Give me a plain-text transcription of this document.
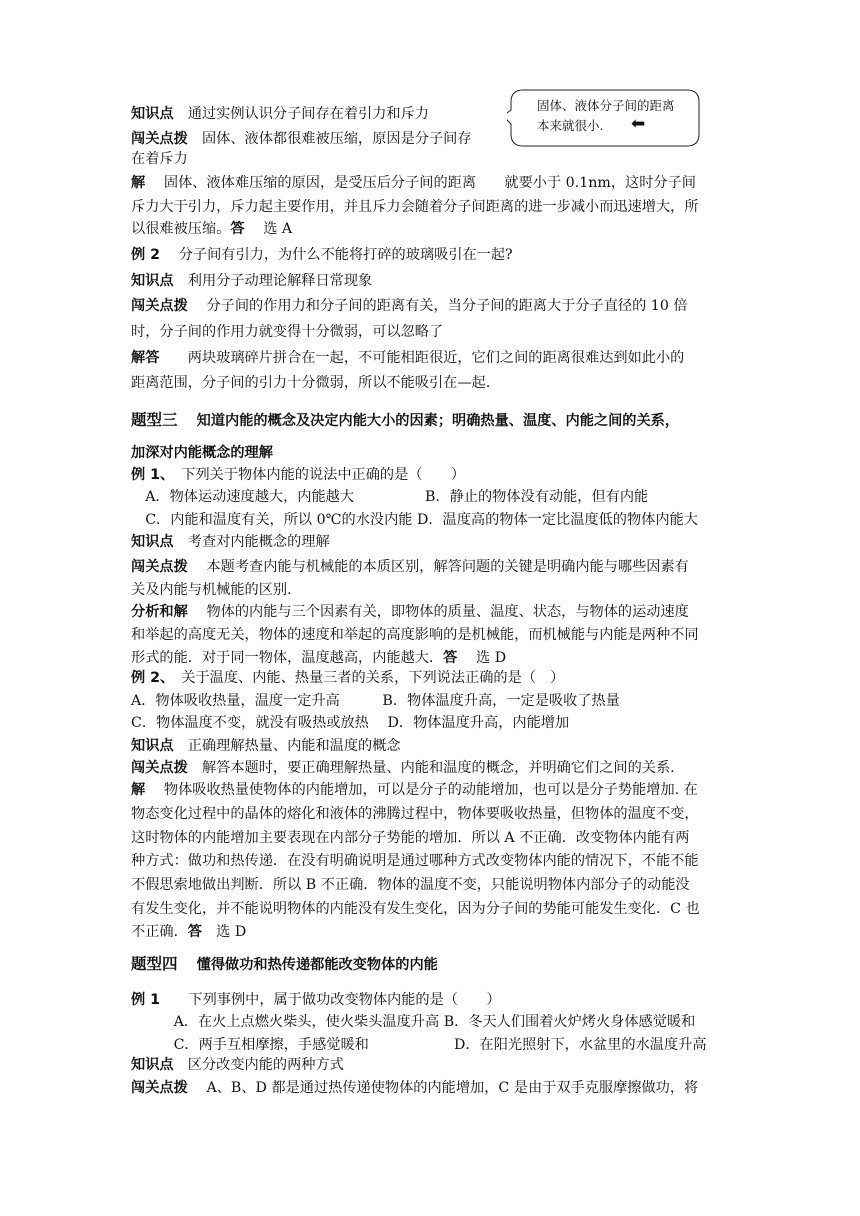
固体、液体分子间的距离
本来就很小. ⬅
知识点　通过实例认识分子间存在着引力和斥力
闯关点拨　固体、液体都很难被压缩，原因是分子间存
在着斥力
解　 固体、液体难压缩的原因，是受压后分子间的距离　　就要小于 0.1nm，这时分子间
斥力大于引力，斥力起主要作用，并且斥力会随着分子间距离的进一步减小而迅速增大，所
以很难被压缩。答　 选 A
例 2　 分子间有引力，为什么不能将打碎的玻璃吸引在一起?
知识点　利用分子动理论解释日常现象
闯关点拨　 分子间的作用力和分子间的距离有关，当分子间的距离大于分子直径的 10 倍
时，分子间的作用力就变得十分微弱，可以忽略了
解答　　两块玻璃碎片拼合在一起，不可能相距很近，它们之间的距离很难达到如此小的
距离范围，分子间的引力十分微弱，所以不能吸引在—起.
题型三　 知道内能的概念及决定内能大小的因素；明确热量、温度、内能之间的关系，
加深对内能概念的理解
例 1、　下列关于物体内能的说法中正确的是（　　）
　A．物体运动速度越大，内能越大　　　　　B．静止的物体没有动能，但有内能
　C．内能和温度有关，所以 0℃的水没内能 D．温度高的物体一定比温度低的物体内能大
知识点　考查对内能概念的理解
闯关点拨　 本题考查内能与机械能的本质区别，解答问题的关键是明确内能与哪些因素有
关及内能与机械能的区别.
分析和解　 物体的内能与三个因素有关，即物体的质量、温度、状态，与物体的运动速度
和举起的高度无关，物体的速度和举起的高度影响的是机械能，而机械能与内能是两种不同
形式的能．对于同一物体，温度越高，内能越大．答　 选 D
例 2、　关于温度、内能、热量三者的关系，下列说法正确的是（　）
A．物体吸收热量，温度一定升高　　　B．物体温度升高，一定是吸收了热量
C．物体温度不变，就没有吸热或放热　 D．物体温度升高，内能增加
知识点　正确理解热量、内能和温度的概念
闯关点拨　解答本题时，要正确理解热量、内能和温度的概念，并明确它们之间的关系.
解　 物体吸收热量使物体的内能增加，可以是分子的动能增加，也可以是分子势能增加. 在
物态变化过程中的晶体的熔化和液体的沸腾过程中，物体要吸收热量，但物体的温度不变，
这时物体的内能增加主要表现在内部分子势能的增加．所以 A 不正确．改变物体内能有两
种方式：做功和热传递．在没有明确说明是通过哪种方式改变物体内能的情况下，不能不能
不假思索地做出判断．所以 B 不正确．物体的温度不变，只能说明物体内部分子的动能没
有发生变化，并不能说明物体的内能没有发生变化，因为分子间的势能可能发生变化．C 也
不正确．答　选 D
题型四　 懂得做功和热传递都能改变物体的内能
例 1　　下列事例中，属于做功改变物体内能的是（　　）
　　　A．在火上点燃火柴头，使火柴头温度升高 B．冬天人们围着火炉烤火身体感觉暖和
　　　C．两手互相摩擦，手感觉暖和　　　　　　D．在阳光照射下，水盆里的水温度升高
知识点　区分改变内能的两种方式
闯关点拨　 A、B、D 都是通过热传递使物体的内能增加，C 是由于双手克服摩擦做功，将
